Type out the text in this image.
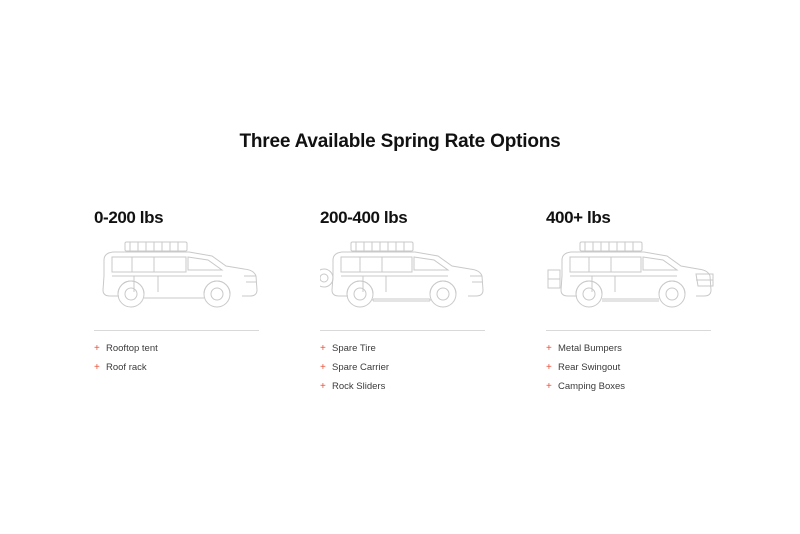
Three Available Spring Rate Options
0-200 lbs
+ Rooftop tent
+ Roof rack
200-400 lbs
+ Spare Tire
+ Spare Carrier
+ Rock Sliders
400+ lbs
+ Metal Bumpers
+ Rear Swingout
+ Camping Boxes
